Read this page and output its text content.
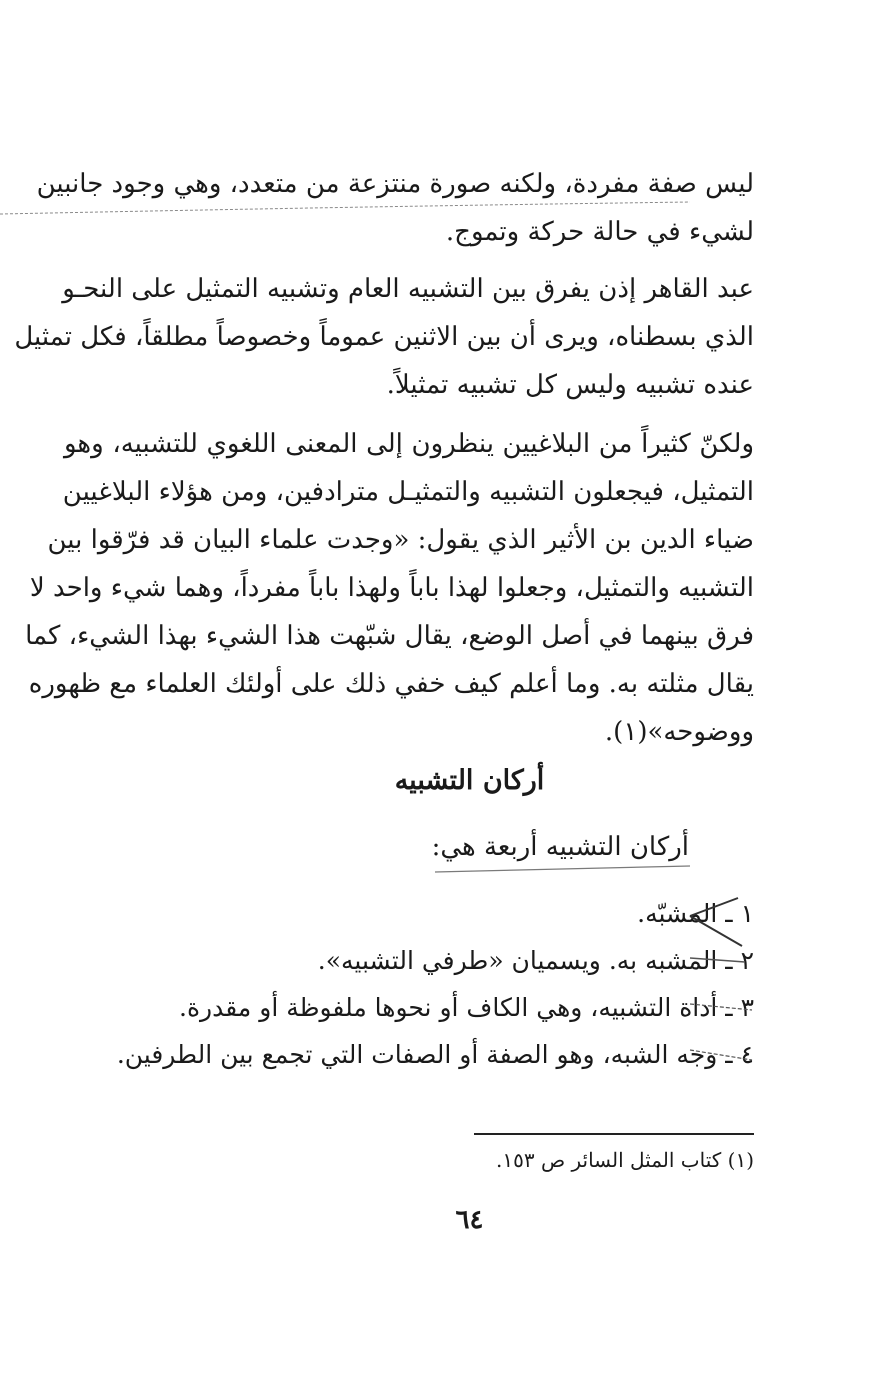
ليس صفة مفردة، ولكنه صورة منتزعة من متعدد، وهي وجود جانبين
لشيء في حالة حركة وتموج.
عبد القاهر إذن يفرق بين التشبيه العام وتشبيه التمثيل على النحـو
الذي بسطناه، ويرى أن بين الاثنين عموماً وخصوصاً مطلقاً، فكل تمثيل
عنده تشبيه وليس كل تشبيه تمثيلاً.
ولكنّ كثيراً من البلاغيين ينظرون إلى المعنى اللغوي للتشبيه، وهو
التمثيل، فيجعلون التشبيه والتمثيـل مترادفين، ومن هؤلاء البلاغيين
ضياء الدين بن الأثير الذي يقول: «وجدت علماء البيان قد فرّقوا بين
التشبيه والتمثيل، وجعلوا لهذا باباً ولهذا باباً مفرداً، وهما شيء واحد لا
فرق بينهما في أصل الوضع، يقال شبّهت هذا الشيء بهذا الشيء، كما
يقال مثلته به. وما أعلم كيف خفي ذلك على أولئك العلماء مع ظهوره
ووضوحه»(١).
أركان التشبيه
أركان التشبيه أربعة هي:
١ ـ المشبّه.
٢ ـ المشبه به. ويسميان «طرفي التشبيه».
٣ ـ أداة التشبيه، وهي الكاف أو نحوها ملفوظة أو مقدرة.
٤ ـ وجه الشبه، وهو الصفة أو الصفات التي تجمع بين الطرفين.
(١) كتاب المثل السائر ص ١٥٣.
٦٤
